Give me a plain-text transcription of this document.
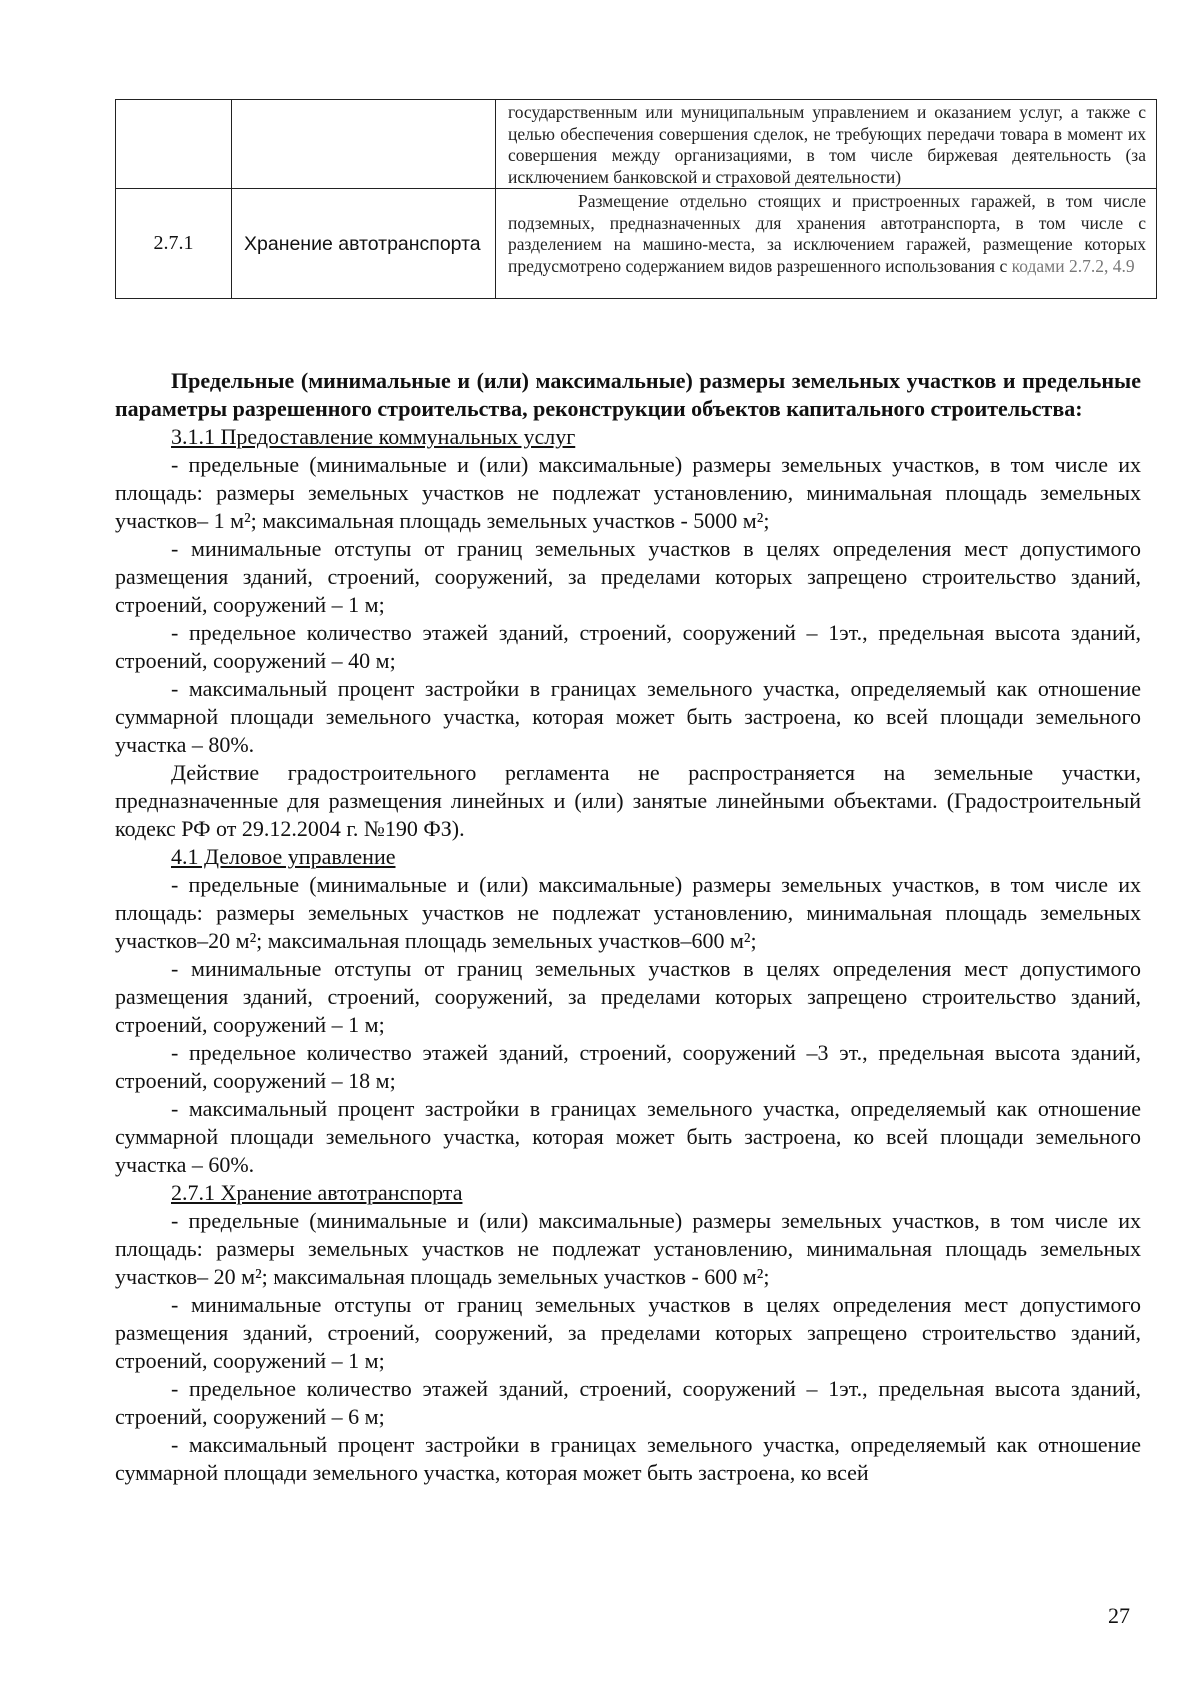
		государственным или муниципальным управлением и оказанием услуг, а также с целью обеспечения совершения сделок, не требующих передачи товара в момент их совершения между организациями, в том числе биржевая деятельность (за исключением банковской и страховой деятельности)

2.7.1	Хранение автотранспорта	Размещение отдельно стоящих и пристроенных гаражей, в том числе подземных, предназначенных для хранения автотранспорта, в том числе с разделением на машино-места, за исключением гаражей, размещение которых предусмотрено содержанием видов разрешенного использования с кодами 2.7.2, 4.9

Предельные (минимальные и (или) максимальные) размеры земельных участков и предельные параметры разрешенного строительства, реконструкции объектов капитального строительства:

3.1.1 Предоставление коммунальных услуг

- предельные (минимальные и (или) максимальные) размеры земельных участков, в том числе их площадь: размеры земельных участков не подлежат установлению, минимальная площадь земельных участков– 1 м²; максимальная площадь земельных участков - 5000 м²;

- минимальные отступы от границ земельных участков в целях определения мест допустимого размещения зданий, строений, сооружений, за пределами которых запрещено строительство зданий, строений, сооружений – 1 м;

- предельное количество этажей зданий, строений, сооружений – 1эт., предельная высота зданий, строений, сооружений – 40 м;

- максимальный процент застройки в границах земельного участка, определяемый как отношение суммарной площади земельного участка, которая может быть застроена, ко всей площади земельного участка – 80%.

Действие градостроительного регламента не распространяется на земельные участки, предназначенные для размещения линейных и (или) занятые линейными объектами. (Градостроительный кодекс РФ от 29.12.2004 г. №190 ФЗ).

4.1 Деловое управление

- предельные (минимальные и (или) максимальные) размеры земельных участков, в том числе их площадь: размеры земельных участков не подлежат установлению, минимальная площадь земельных участков–20 м²; максимальная площадь земельных участков–600 м²;

- минимальные отступы от границ земельных участков в целях определения мест допустимого размещения зданий, строений, сооружений, за пределами которых запрещено строительство зданий, строений, сооружений – 1 м;

- предельное количество этажей зданий, строений, сооружений –3 эт., предельная высота зданий, строений, сооружений – 18 м;

- максимальный процент застройки в границах земельного участка, определяемый как отношение суммарной площади земельного участка, которая может быть застроена, ко всей площади земельного участка – 60%.

2.7.1 Хранение автотранспорта

- предельные (минимальные и (или) максимальные) размеры земельных участков, в том числе их площадь: размеры земельных участков не подлежат установлению, минимальная площадь земельных участков– 20 м²; максимальная площадь земельных участков - 600 м²;

- минимальные отступы от границ земельных участков в целях определения мест допустимого размещения зданий, строений, сооружений, за пределами которых запрещено строительство зданий, строений, сооружений – 1 м;

- предельное количество этажей зданий, строений, сооружений – 1эт., предельная высота зданий, строений, сооружений – 6 м;

- максимальный процент застройки в границах земельного участка, определяемый как отношение суммарной площади земельного участка, которая может быть застроена, ко всей

27
